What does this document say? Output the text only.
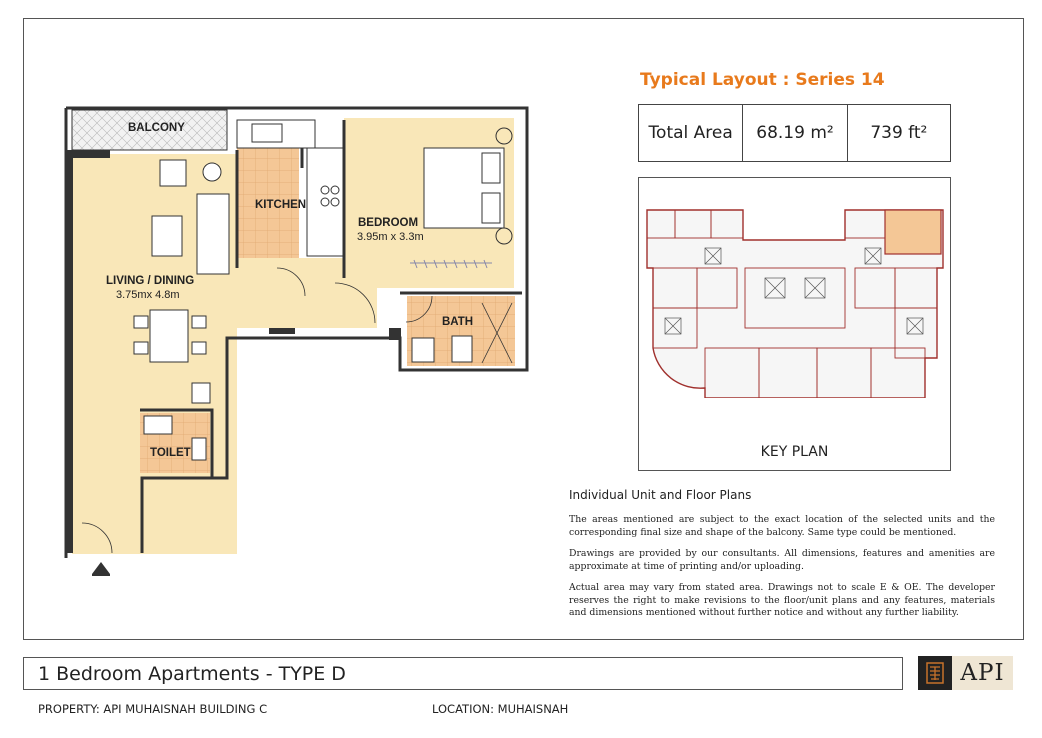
BALCONY
KITCHEN
BEDROOM
3.95m x 3.3m
LIVING / DINING
3.75mx 4.8m
BATH
TOILET
Typical Layout : Series 14
Total Area	68.19 m²	739 ft²
KEY PLAN
Individual Unit and Floor Plans

The areas mentioned are subject to the exact location of the selected units and the corresponding final size and shape of the balcony. Same type could be mentioned.

Drawings are provided by our consultants. All dimensions, features and amenities are approximate at time of printing and/or uploading.

Actual area may vary from stated area. Drawings not to scale E & OE. The developer reserves the right to make revisions to the floor/unit plans and any features, materials and dimensions mentioned without further notice and without any further liability.

1 Bedroom Apartments - TYPE D	API
PROPERTY: API MUHAISNAH BUILDING C	LOCATION: MUHAISNAH
